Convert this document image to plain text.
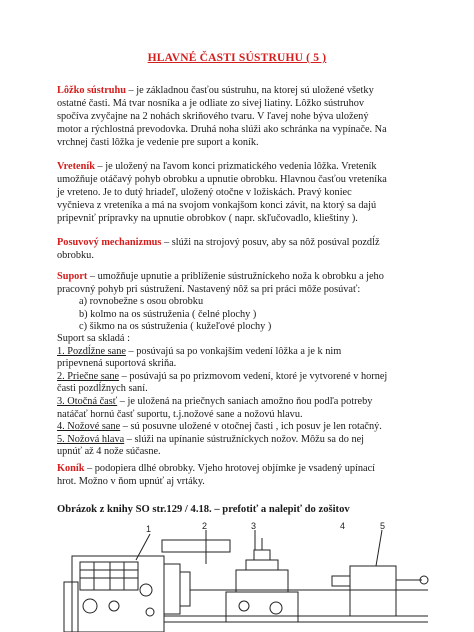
HLAVNÉ ČASTI SÚSTRUHU ( 5 )
Lôžko sústruhu – je základnou časťou sústruhu, na ktorej sú uložené všetky
ostatné časti. Má tvar nosníka a je odliate zo sivej liatiny. Lôžko sústruhov
spočíva zvyčajne na 2 nohách skriňového tvaru. V ľavej nohe býva uložený
motor a rýchlostná prevodovka. Druhá noha slúži ako schránka na vypínače. Na
vrchnej časti lôžka je vedenie pre suport a koník.
Vreteník – je uložený na ľavom konci prizmatického vedenia lôžka. Vreteník
umožňuje otáčavý pohyb obrobku a upnutie obrobku. Hlavnou časťou vreteníka
je vreteno. Je to dutý hriadeľ, uložený otočne v ložiskách. Pravý koniec
vyčnieva z vreteníka a má na svojom vonkajšom konci závit, na ktorý sa dajú
pripevniť prípravky na upnutie obrobkov ( napr. skľučovadlo, klieštiny ).
Posuvový mechanizmus – slúži na strojový posuv, aby sa nôž posúval pozdĺž
obrobku.
Suport – umožňuje upnutie a priblíženie sústružníckeho noža k obrobku a jeho
pracovný pohyb pri sústružení. Nastavený nôž sa pri práci môže posúvať:
a) rovnobežne s osou obrobku
b) kolmo na os sústruženia ( čelné plochy )
c) šikmo na os sústruženia ( kužeľové plochy )
Suport sa skladá :
1. Pozdĺžne sane – posúvajú sa po vonkajším vedení lôžka a je k nim
pripevnená suportová skriňa.
2. Priečne sane – posúvajú sa po prizmovom vedení, ktoré je vytvorené v hornej
časti pozdĺžnych saní.
3. Otočná časť – je uložená na priečnych saniach amožno ňou podľa potreby
natáčať hornú časť suportu, t.j.nožové sane a nožovú hlavu.
4. Nožové sane – sú posuvne uložené v otočnej časti , ich posuv je len rotačný.
5. Nožová hlava – slúži na upínanie sústružníckych nožov. Môžu sa do nej
upnúť až 4 nože súčasne.
Koník – podopiera dlhé obrobky. Vjeho hrotovej objímke je vsadený upínací
hrot. Možno v ňom upnúť aj vrtáky.
Obrázok z knihy SO str.129 / 4.18. – prefotiť a nalepiť do zošitov
1	2	3	4	5
